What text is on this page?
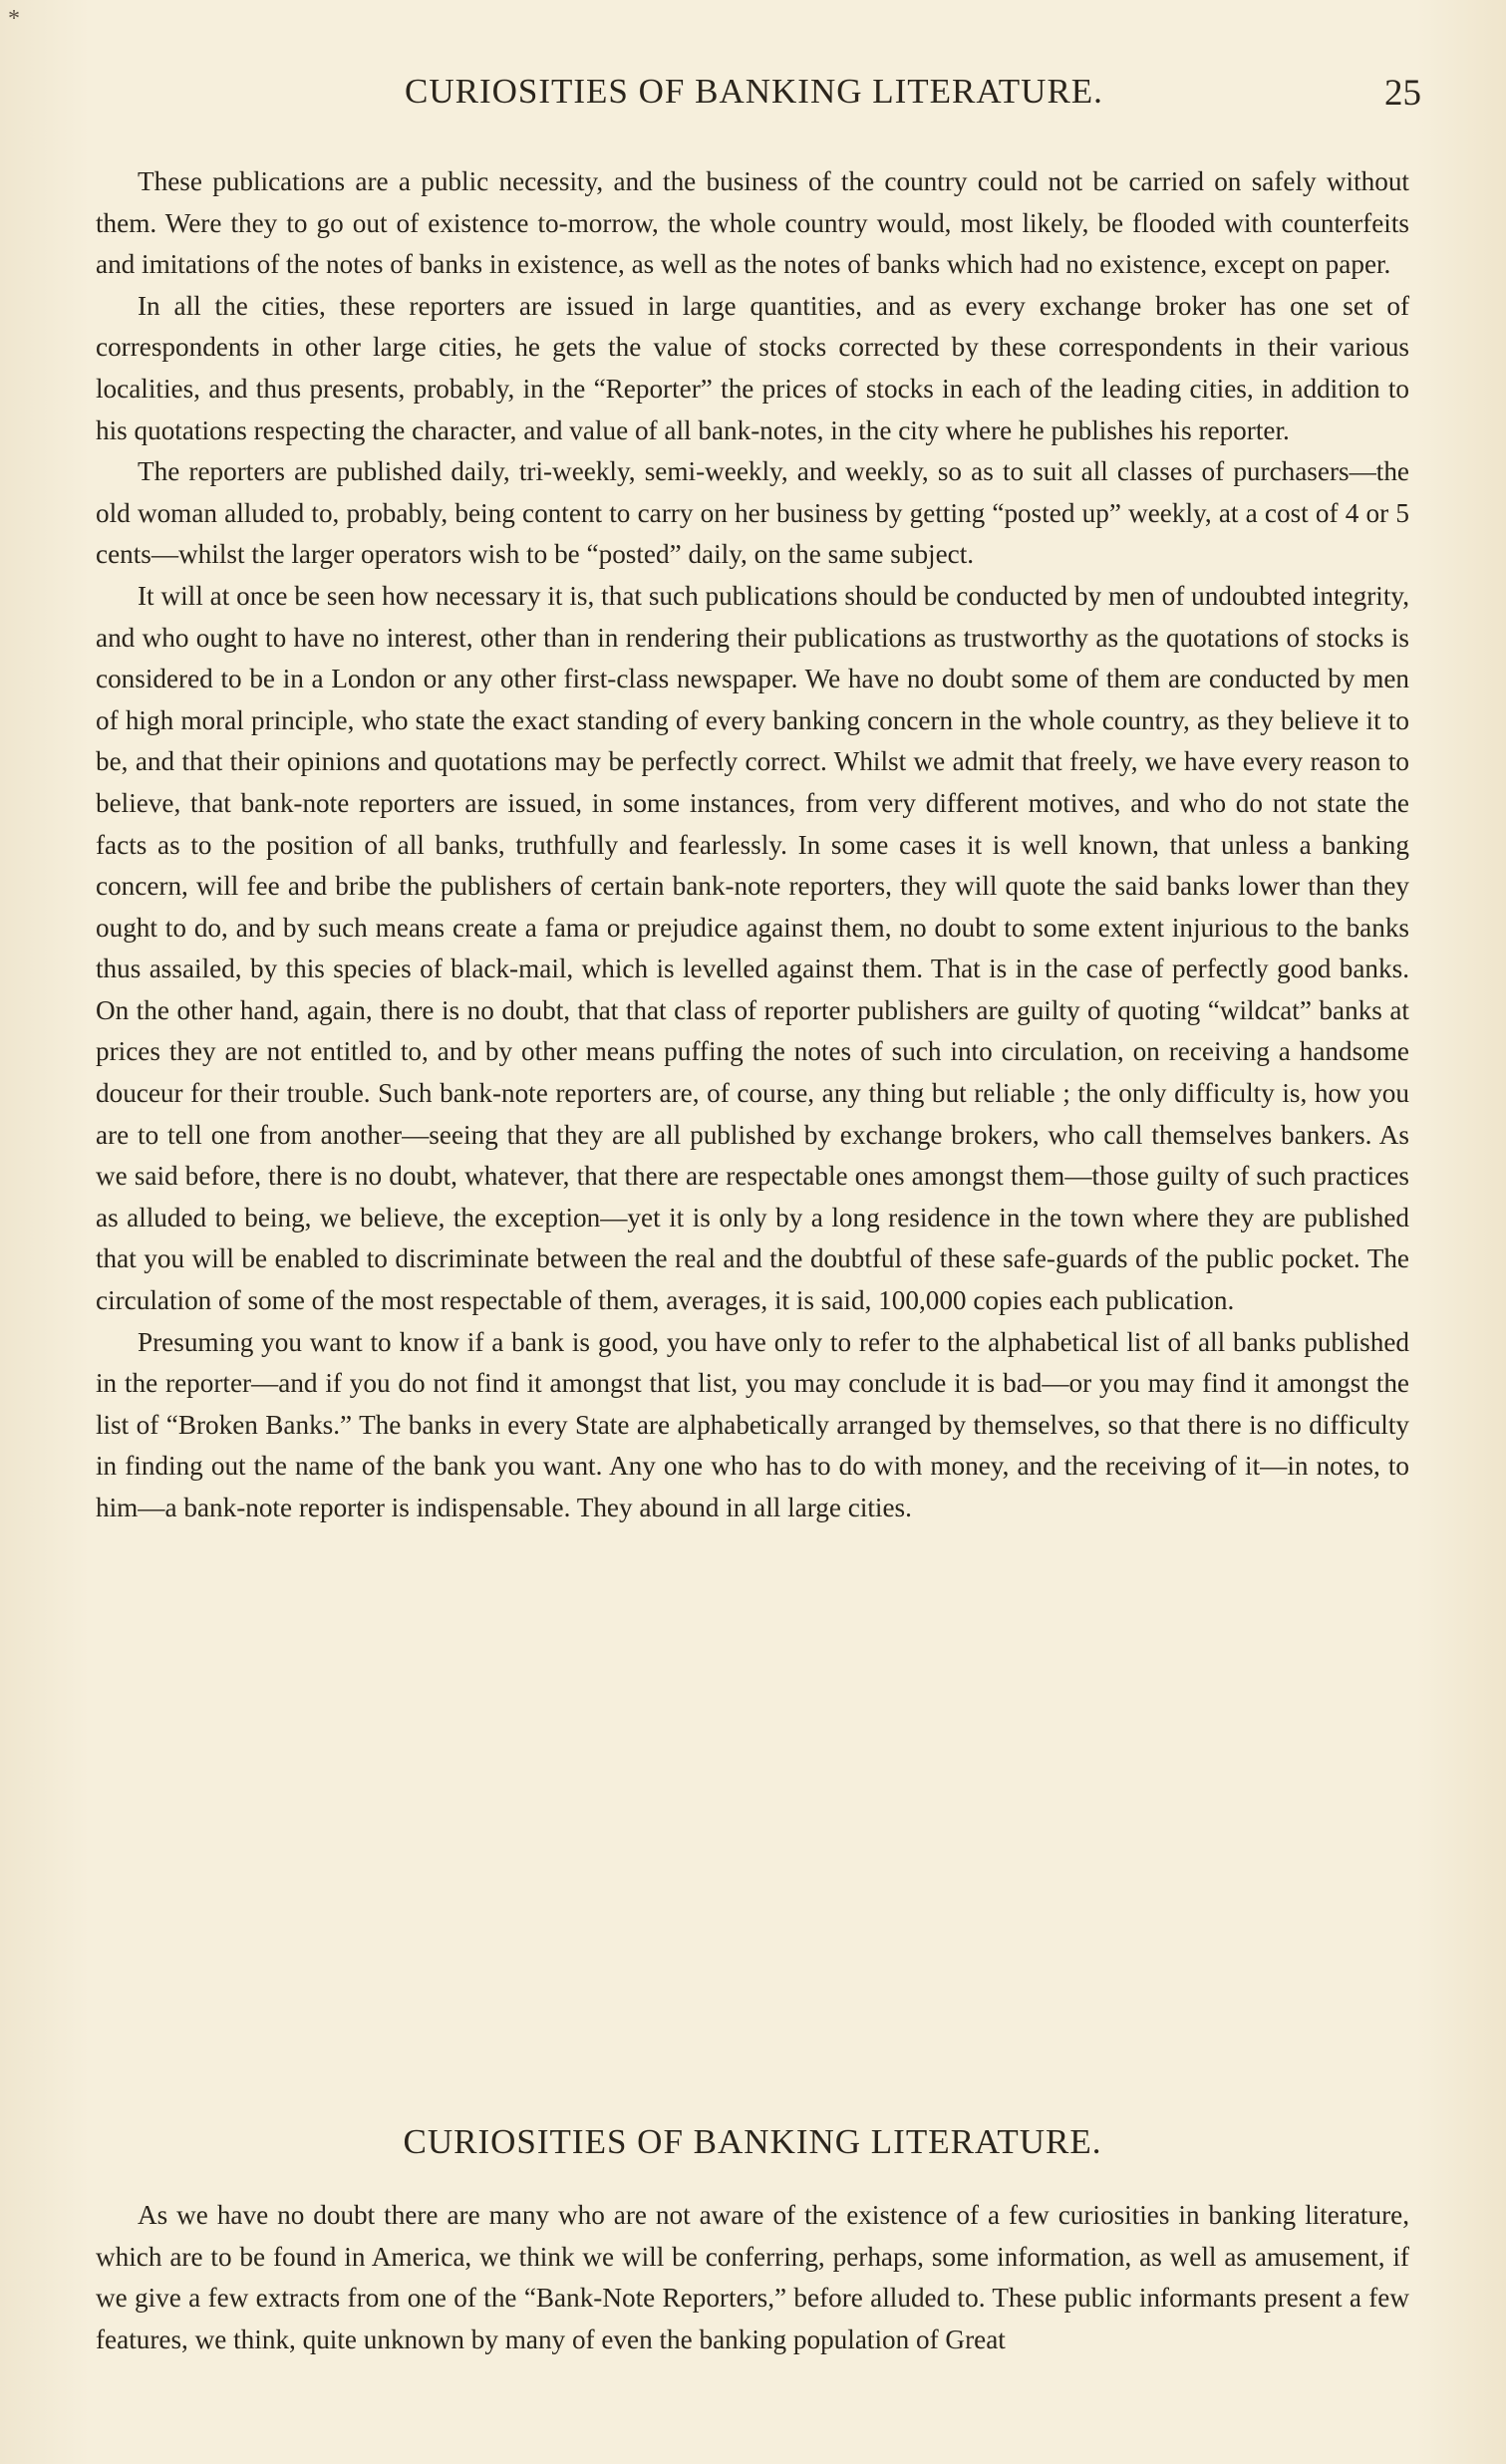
*
CURIOSITIES OF BANKING LITERATURE.	25

These publications are a public necessity, and the business of the country could not be carried on safely without them. Were they to go out of existence to-morrow, the whole country would, most likely, be flooded with counterfeits and imitations of the notes of banks in existence, as well as the notes of banks which had no existence, except on paper.

In all the cities, these reporters are issued in large quantities, and as every exchange broker has one set of correspondents in other large cities, he gets the value of stocks corrected by these correspondents in their various localities, and thus presents, probably, in the “Reporter” the prices of stocks in each of the leading cities, in addition to his quotations respecting the character, and value of all bank-notes, in the city where he publishes his reporter.

The reporters are published daily, tri-weekly, semi-weekly, and weekly, so as to suit all classes of purchasers—the old woman alluded to, probably, being content to carry on her business by getting “posted up” weekly, at a cost of 4 or 5 cents—whilst the larger operators wish to be “posted” daily, on the same subject.

It will at once be seen how necessary it is, that such publications should be conducted by men of undoubted integrity, and who ought to have no interest, other than in rendering their publications as trustworthy as the quotations of stocks is considered to be in a London or any other first-class newspaper. We have no doubt some of them are conducted by men of high moral principle, who state the exact standing of every banking concern in the whole country, as they believe it to be, and that their opinions and quotations may be perfectly correct. Whilst we admit that freely, we have every reason to believe, that bank-note reporters are issued, in some instances, from very different motives, and who do not state the facts as to the position of all banks, truthfully and fearlessly. In some cases it is well known, that unless a banking concern, will fee and bribe the publishers of certain bank-note reporters, they will quote the said banks lower than they ought to do, and by such means create a fama or prejudice against them, no doubt to some extent injurious to the banks thus assailed, by this species of black-mail, which is levelled against them. That is in the case of perfectly good banks. On the other hand, again, there is no doubt, that that class of reporter publishers are guilty of quoting “wildcat” banks at prices they are not entitled to, and by other means puffing the notes of such into circulation, on receiving a handsome douceur for their trouble. Such bank-note reporters are, of course, any thing but reliable ; the only difficulty is, how you are to tell one from another—seeing that they are all published by exchange brokers, who call themselves bankers. As we said before, there is no doubt, whatever, that there are respectable ones amongst them—those guilty of such practices as alluded to being, we believe, the exception—yet it is only by a long residence in the town where they are published that you will be enabled to discriminate between the real and the doubtful of these safe-guards of the public pocket. The circulation of some of the most respectable of them, averages, it is said, 100,000 copies each publication.

Presuming you want to know if a bank is good, you have only to refer to the alphabetical list of all banks published in the reporter—and if you do not find it amongst that list, you may conclude it is bad—or you may find it amongst the list of “Broken Banks.” The banks in every State are alphabetically arranged by themselves, so that there is no difficulty in finding out the name of the bank you want. Any one who has to do with money, and the receiving of it—in notes, to him—a bank-note reporter is indispensable. They abound in all large cities.

CURIOSITIES OF BANKING LITERATURE.

As we have no doubt there are many who are not aware of the existence of a few curiosities in banking literature, which are to be found in America, we think we will be conferring, perhaps, some information, as well as amusement, if we give a few extracts from one of the “Bank-Note Reporters,” before alluded to. These public informants present a few features, we think, quite unknown by many of even the banking population of Great
